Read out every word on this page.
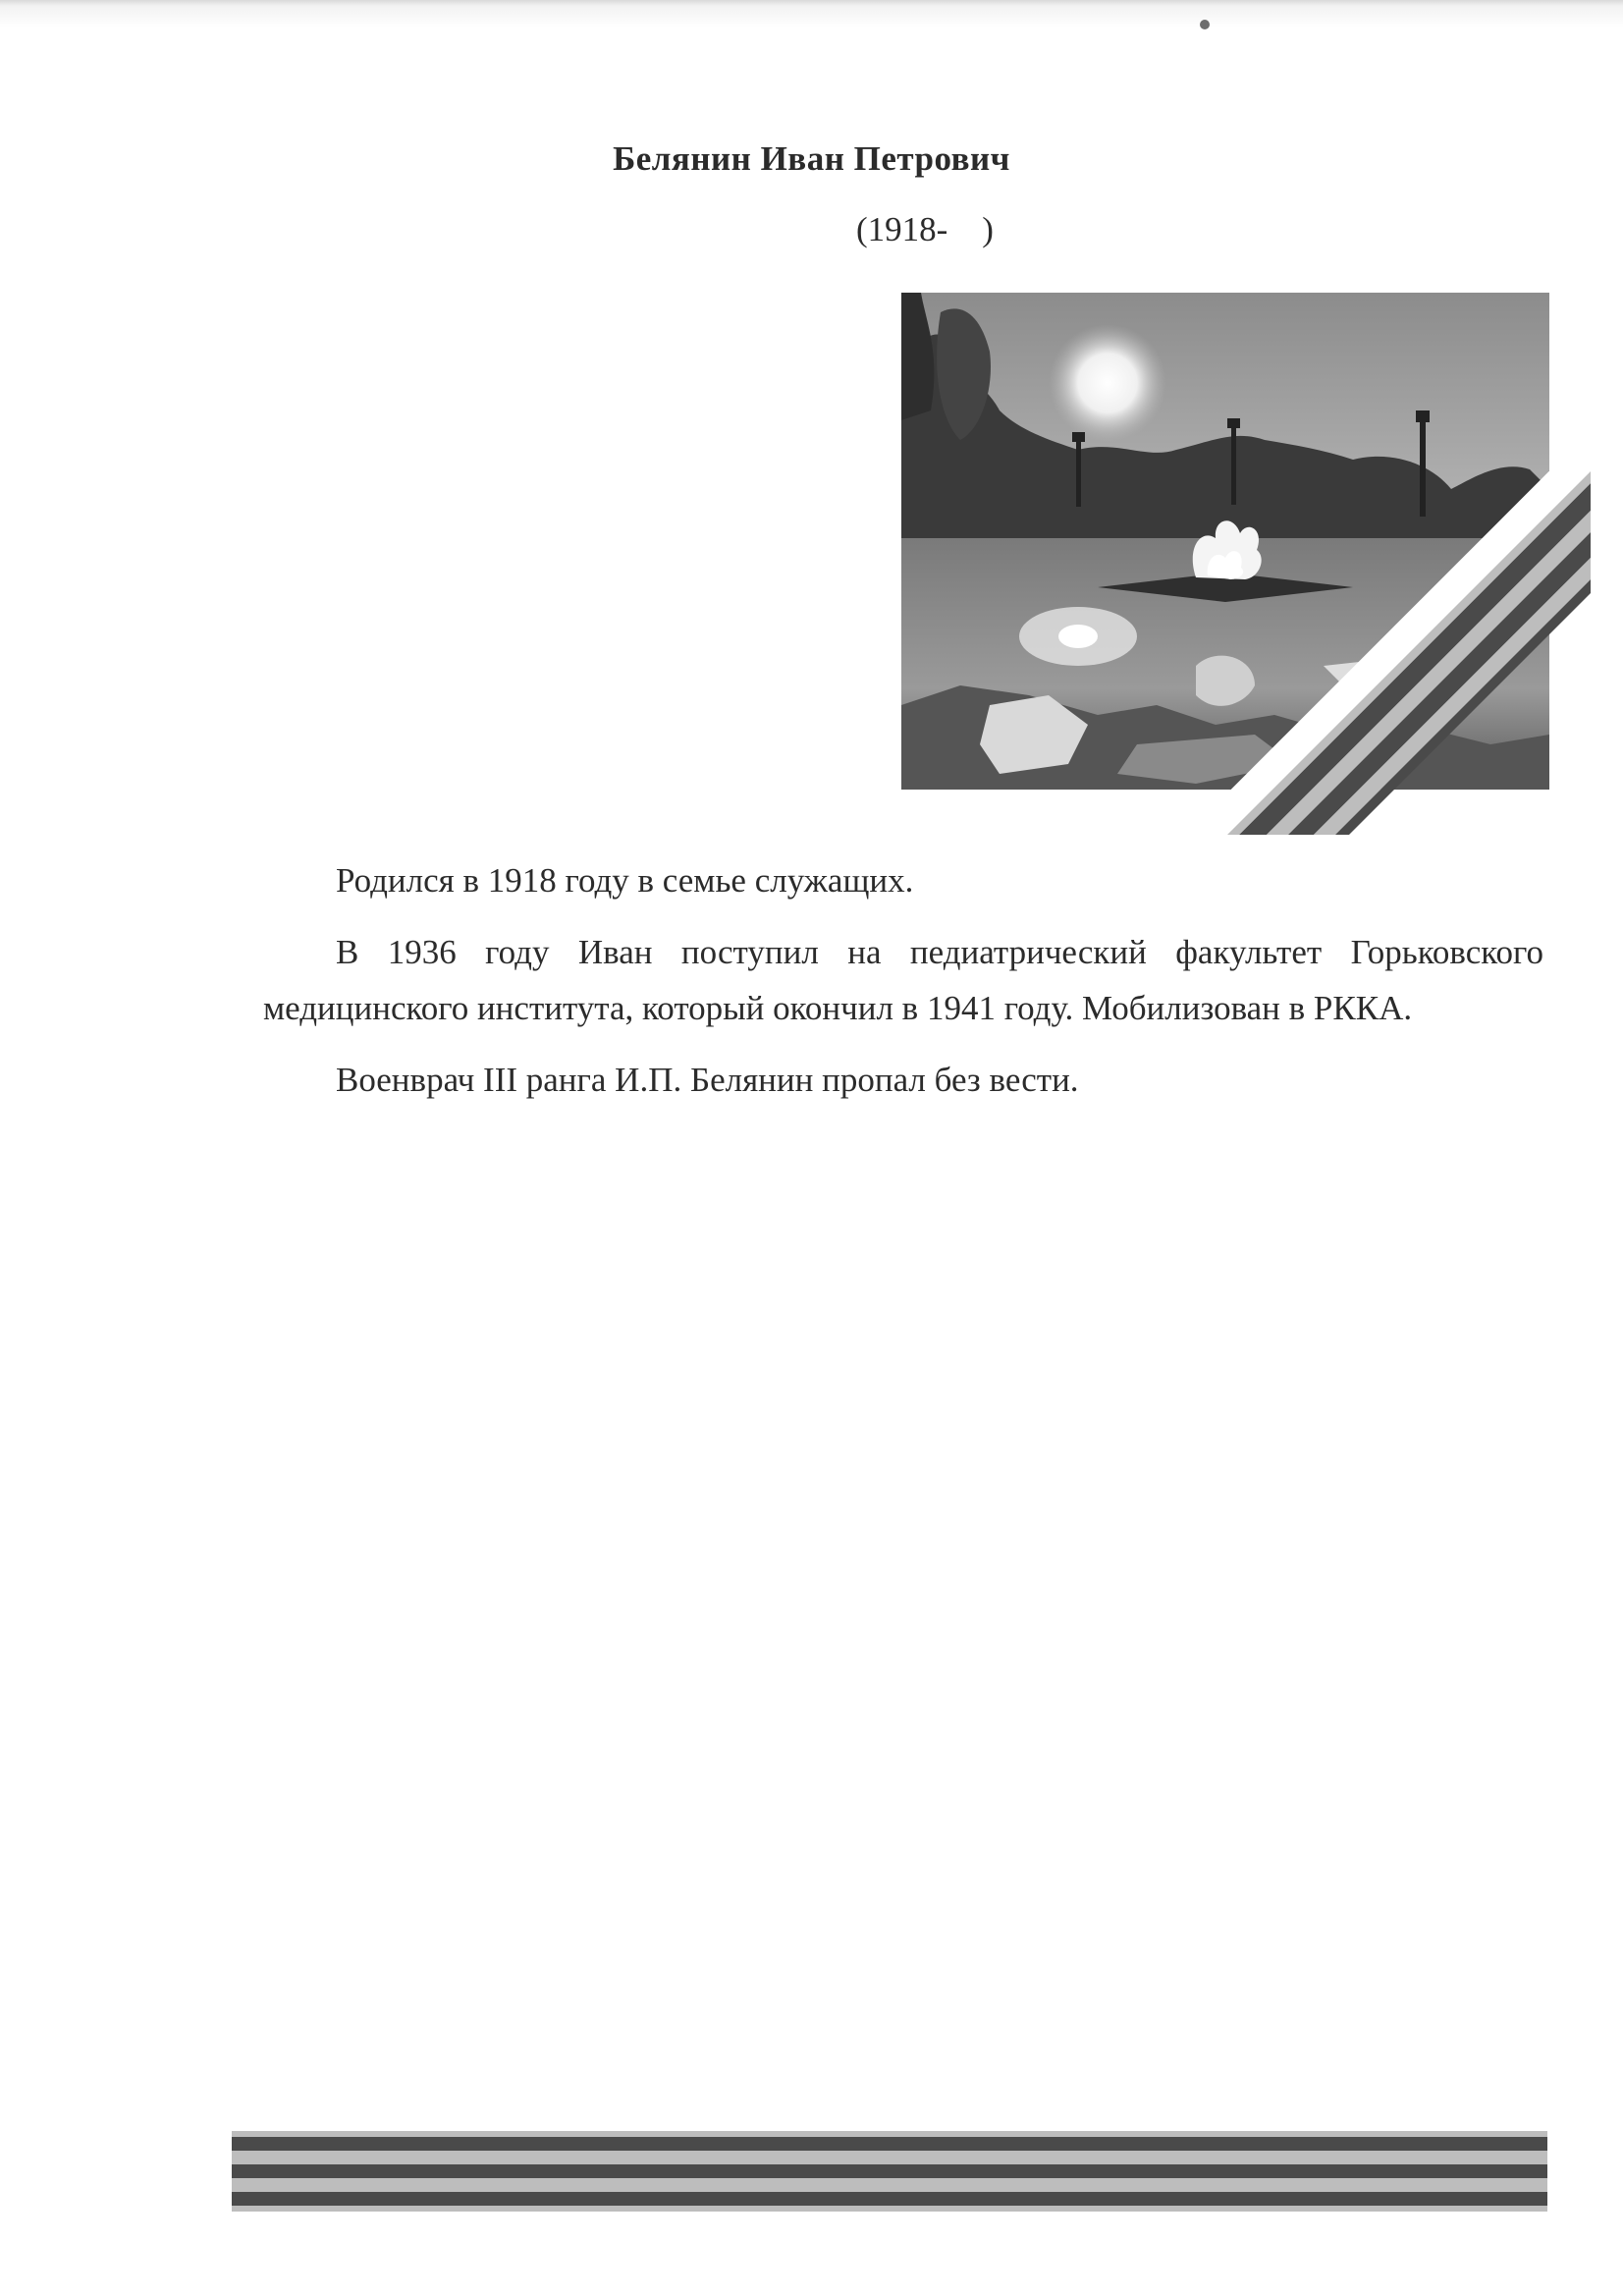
Белянин Иван Петрович
(1918-    )

Родился в 1918 году в семье служащих.

В 1936 году Иван поступил на педиатрический факультет Горьковского медицинского института, который окончил в 1941 году. Мобилизован в РККА.

Военврач III ранга И.П. Белянин пропал без вести.
